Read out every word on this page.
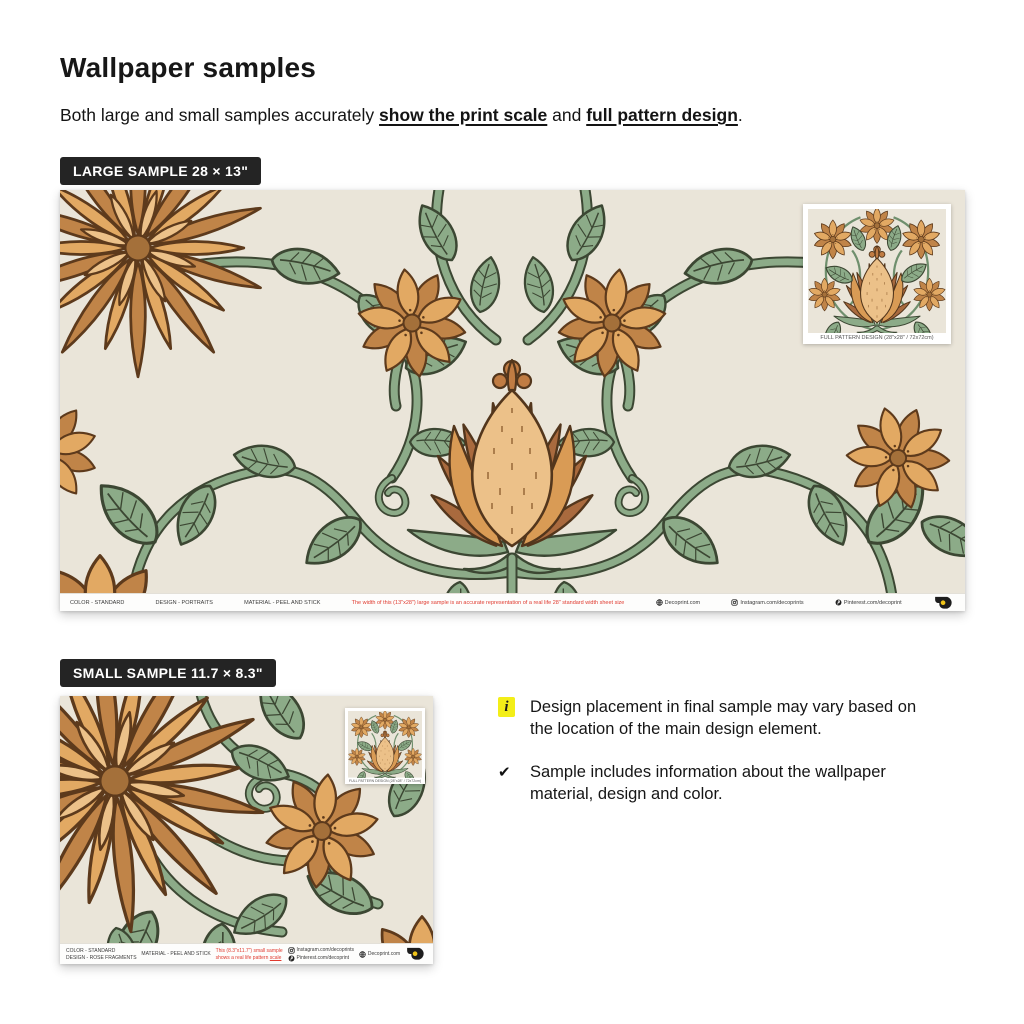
Wallpaper samples

Both large and small samples accurately show the print scale and full pattern design.

LARGE SAMPLE 28 × 13"
FULL PATTERN DESIGN (28"x28" / 72x72cm)
COLOR - STANDARD	DESIGN - PORTRAITS	MATERIAL - PEEL AND STICK	The width of this (13"x28") large sample is an accurate representation of a real life 28" standard width sheet size	Decoprint.com	Instagram.com/decoprints	Pinterest.com/decoprint
SMALL SAMPLE 11.7 × 8.3"
FULL PATTERN DESIGN (28"x28" / 72x72cm)
COLOR - STANDARD
DESIGN - ROSE FRAGMENTS
MATERIAL - PEEL AND STICK
This (8.3"x11.7") small sample
shows a real life pattern scale
Instagram.com/decoprints
Pinterest.com/decoprint
Decoprint.com
i	Design placement in final sample may vary based on the location of the main design element.
✔ Sample includes information about the wallpaper material, design and color.
